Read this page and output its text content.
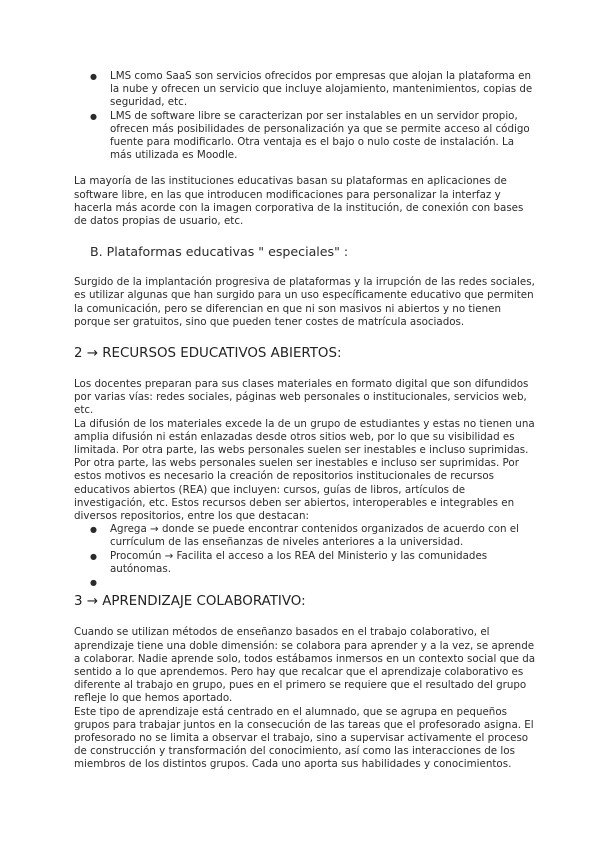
● LMS como SaaS son servicios ofrecidos por empresas que alojan la plataforma en la nube y ofrecen un servicio que incluye alojamiento, mantenimientos, copias de seguridad, etc.
● LMS de software libre se caracterizan por ser instalables en un servidor propio, ofrecen más posibilidades de personalización ya que se permite acceso al código fuente para modificarlo. Otra ventaja es el bajo o nulo coste de instalación. La más utilizada es Moodle.

La mayoría de las instituciones educativas basan su plataformas en aplicaciones de software libre, en las que introducen modificaciones para personalizar la interfaz y hacerla más acorde con la imagen corporativa de la institución, de conexión con bases de datos propias de usuario, etc.

B. Plataformas educativas " especiales" :

Surgido de la implantación progresiva de plataformas y la irrupción de las redes sociales, es utilizar algunas que han surgido para un uso específicamente educativo que permiten la comunicación, pero se diferencian en que ni son masivos ni abiertos y no tienen porque ser gratuitos, sino que pueden tener costes de matrícula asociados.

2 → RECURSOS EDUCATIVOS ABIERTOS:

Los docentes preparan para sus clases materiales en formato digital que son difundidos por varias vías: redes sociales, páginas web personales o institucionales, servicios web, etc.

La difusión de los materiales excede la de un grupo de estudiantes y estas no tienen una amplia difusión ni están enlazadas desde otros sitios web, por lo que su visibilidad es limitada. Por otra parte, las webs personales suelen ser inestables e incluso suprimidas. Por otra parte, las webs personales suelen ser inestables e incluso ser suprimidas. Por estos motivos es necesario la creación de repositorios institucionales de recursos educativos abiertos (REA) que incluyen: cursos, guías de libros, artículos de investigación, etc. Estos recursos deben ser abiertos, interoperables e integrables en diversos repositorios, entre los que destacan:

● Agrega → donde se puede encontrar contenidos organizados de acuerdo con el currículum de las enseñanzas de niveles anteriores a la universidad.
● Procomún → Facilita el acceso a los REA del Ministerio y las comunidades autónomas.
●
3 → APRENDIZAJE COLABORATIVO:

Cuando se utilizan métodos de enseñanzo basados en el trabajo colaborativo, el aprendizaje tiene una doble dimensión: se colabora para aprender y a la vez, se aprende a colaborar. Nadie aprende solo, todos estábamos inmersos en un contexto social que da sentido a lo que aprendemos. Pero hay que recalcar que el aprendizaje colaborativo es diferente al trabajo en grupo, pues en el primero se requiere que el resultado del grupo refleje lo que hemos aportado.

Este tipo de aprendizaje está centrado en el alumnado, que se agrupa en pequeños grupos para trabajar juntos en la consecución de las tareas que el profesorado asigna. El profesorado no se limita a observar el trabajo, sino a supervisar activamente el proceso de construcción y transformación del conocimiento, así como las interacciones de los miembros de los distintos grupos. Cada uno aporta sus habilidades y conocimientos.
